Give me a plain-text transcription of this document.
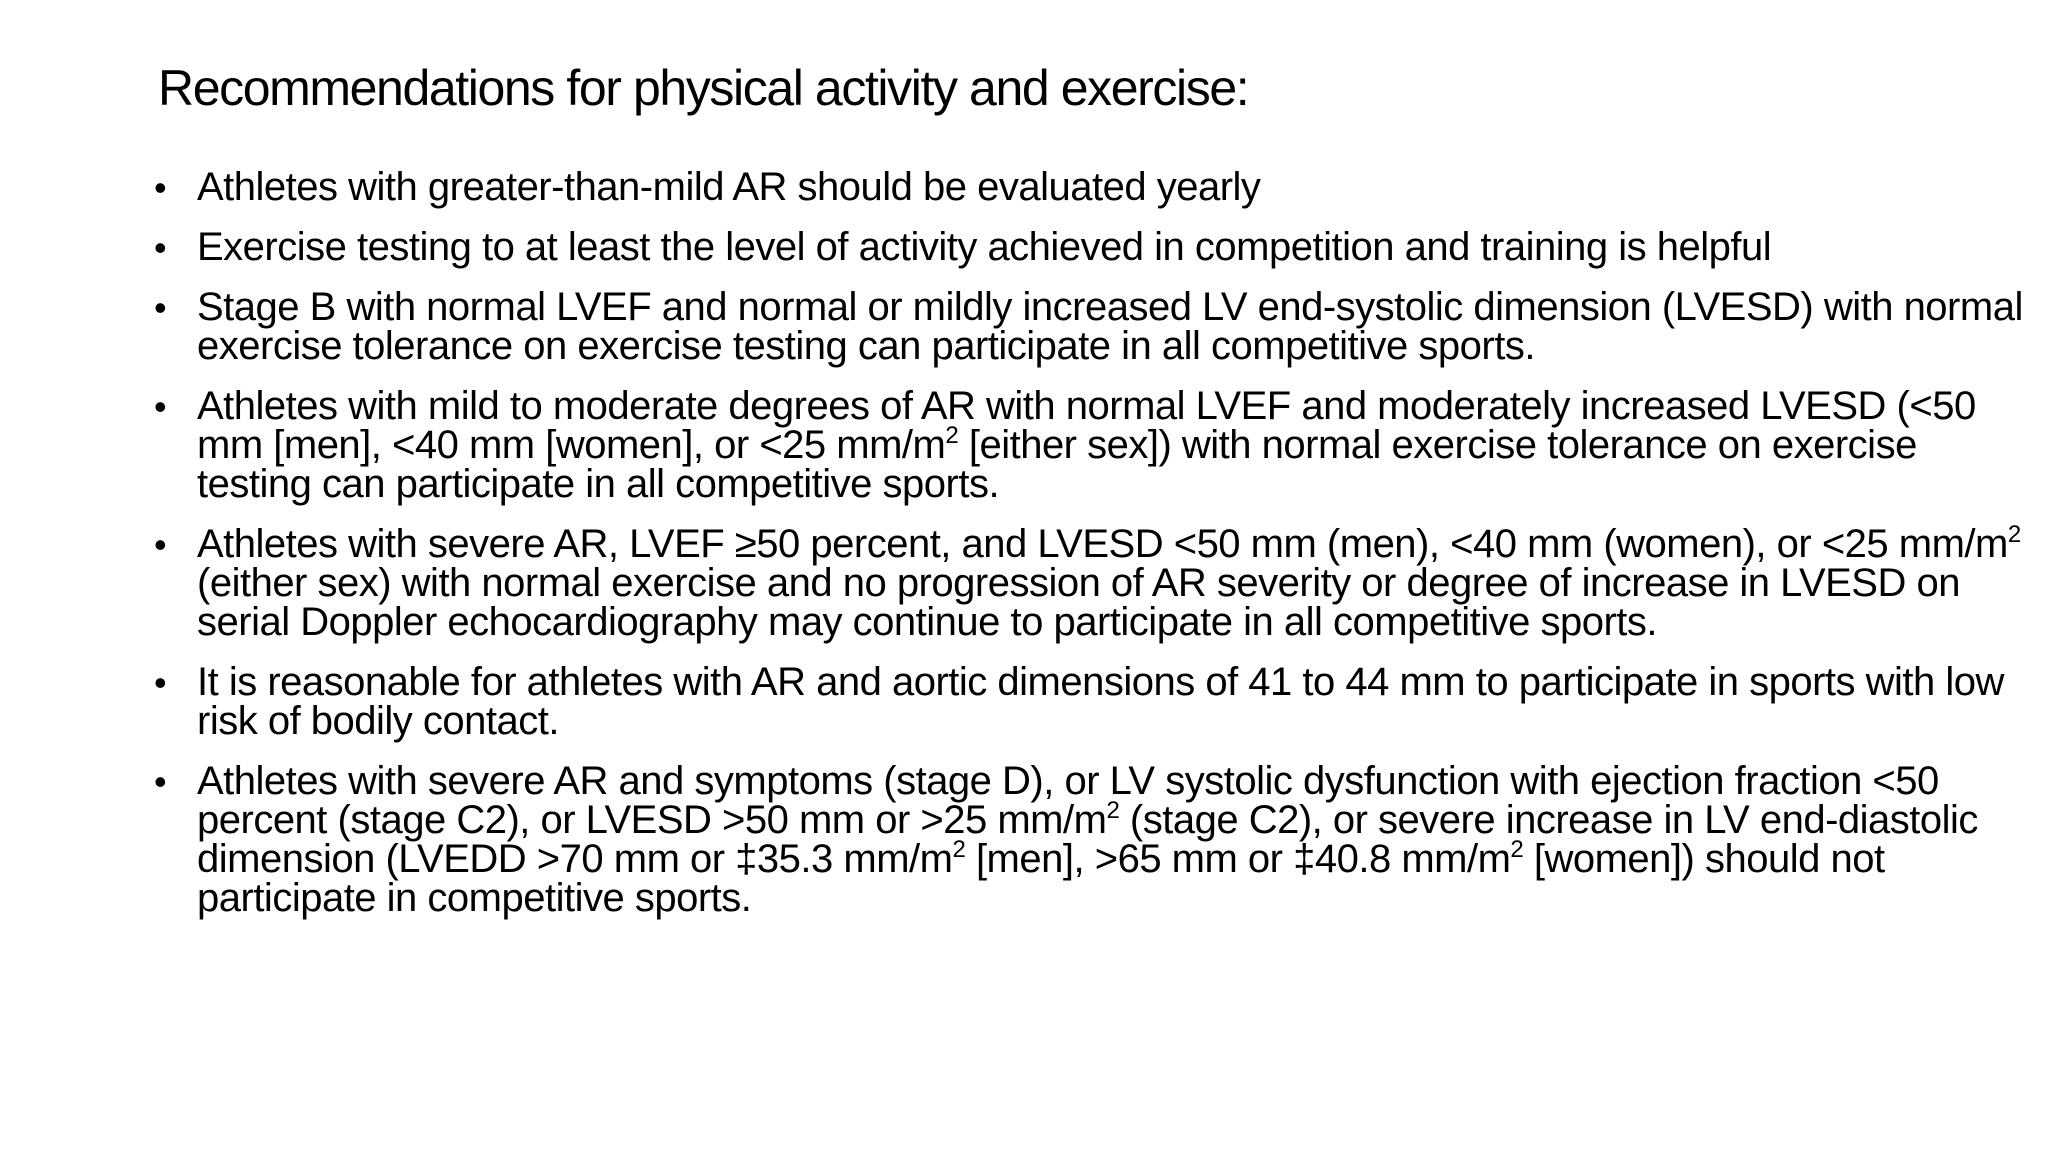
Recommendations for physical activity and exercise:
• Athletes with greater-than-mild AR should be evaluated yearly
• Exercise testing to at least the level of activity achieved in competition and training is helpful
• Stage B with normal LVEF and normal or mildly increased LV end-systolic dimension (LVESD) with normal exercise tolerance on exercise testing can participate in all competitive sports.
• Athletes with mild to moderate degrees of AR with normal LVEF and moderately increased LVESD (<50 mm [men], <40 mm [women], or <25 $mm/m^2$ [either sex]) with normal exercise tolerance on exercise testing can participate in all competitive sports.
• Athletes with severe AR, LVEF ≥50 percent, and LVESD <50 mm (men), <40 mm (women), or <25 $mm/m^2$ (either sex) with normal exercise and no progression of AR severity or degree of increase in LVESD on serial Doppler echocardiography may continue to participate in all competitive sports.
• It is reasonable for athletes with AR and aortic dimensions of 41 to 44 mm to participate in sports with low risk of bodily contact.
• Athletes with severe AR and symptoms (stage D), or LV systolic dysfunction with ejection fraction <50 percent (stage C2), or LVESD >50 mm or >25 $mm/m^2$ (stage C2), or severe increase in LV end-diastolic dimension (LVEDD >70 mm or ‡35.3 $mm/m^2$ [men], >65 mm or ‡40.8 $mm/m^2$ [women]) should not participate in competitive sports.
